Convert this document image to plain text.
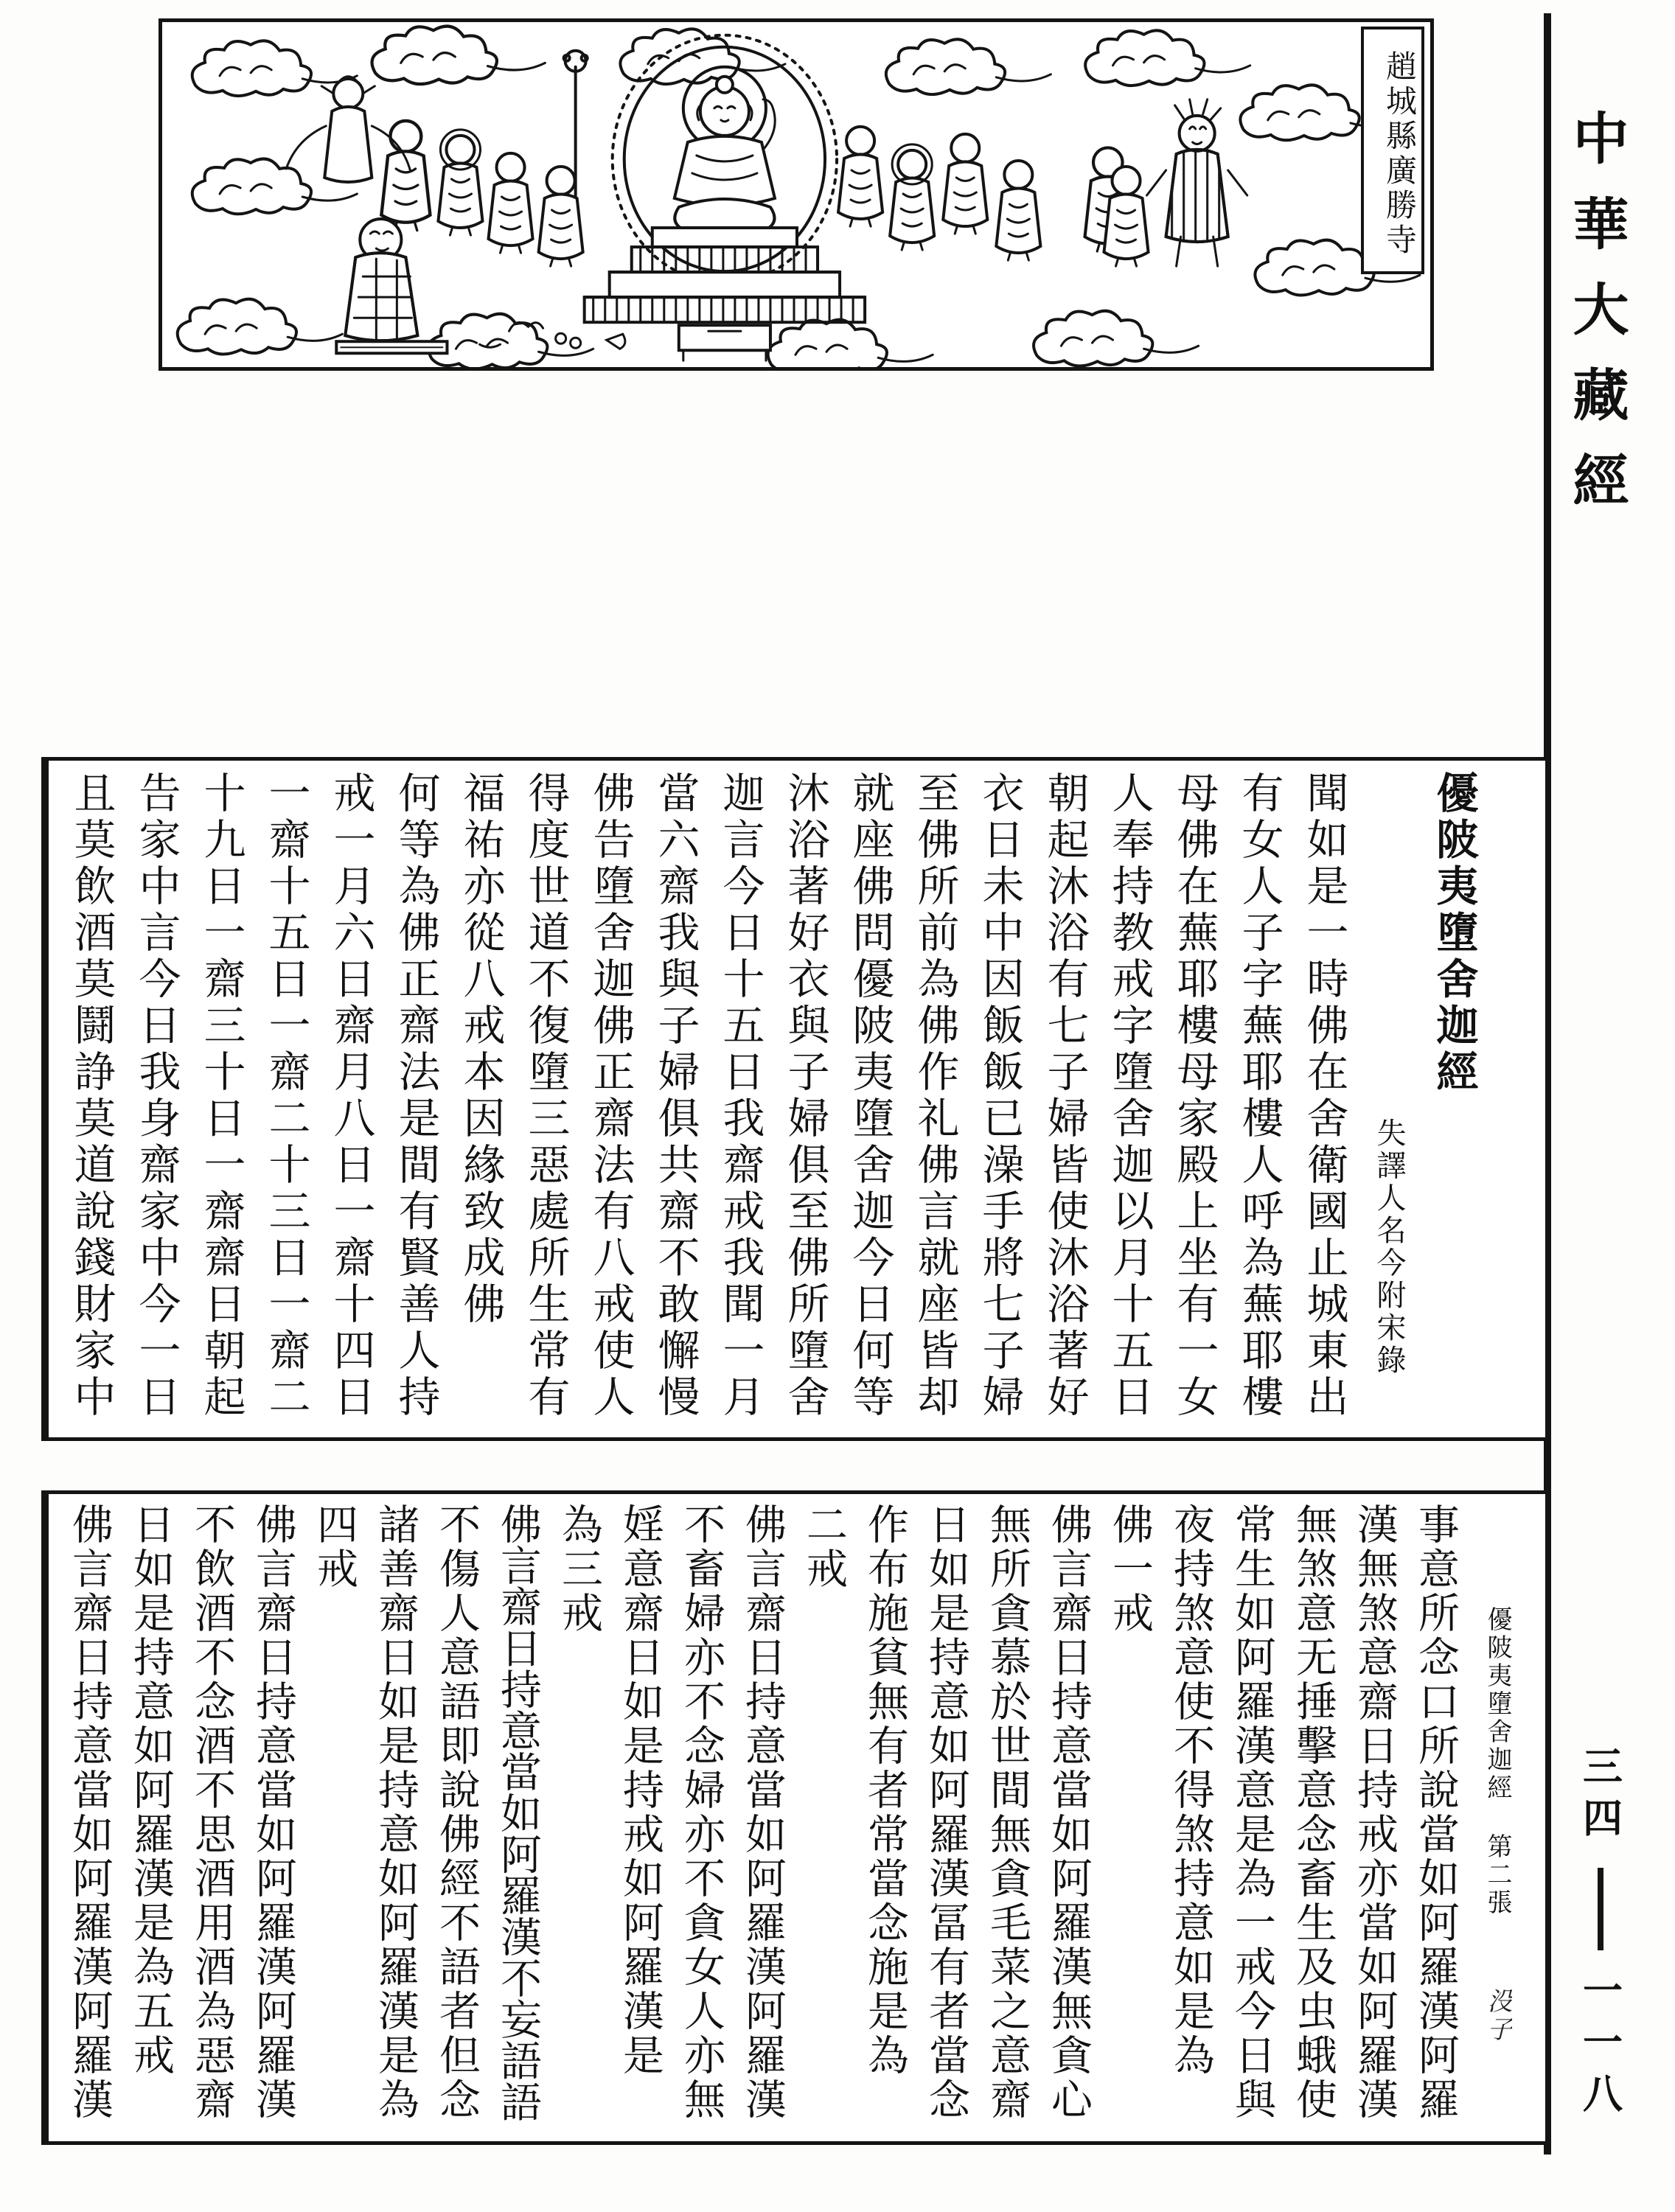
中華大藏經
三四
一一八
趙城縣廣勝寺
優陂夷墮舍迦經
失譯人名今附宋錄
聞如是一時佛在舍衛國止城東出
有女人子字蕪耶樓人呼為蕪耶樓
母佛在蕪耶樓母家殿上坐有一女
人奉持教戒字墮舍迦以月十五日
朝起沐浴有七子婦皆使沐浴著好
衣日未中因飯飯已澡手將七子婦
至佛所前為佛作礼佛言就座皆却
就座佛問優陂夷墮舍迦今日何等
沐浴著好衣與子婦俱至佛所墮舍
迦言今日十五日我齋戒我聞一月
當六齋我與子婦俱共齋不敢懈慢
佛告墮舍迦佛正齋法有八戒使人
得度世道不復墮三惡處所生常有
福祐亦從八戒本因緣致成佛
何等為佛正齋法是間有賢善人持
戒一月六日齋月八日一齋十四日
一齋十五日一齋二十三日一齋二
十九日一齋三十日一齋齋日朝起
告家中言今日我身齋家中今一日
且莫飲酒莫鬪諍莫道說錢財家中
優陂夷墮舍迦經第二張没子
事意所念口所說當如阿羅漢阿羅
漢無煞意齋日持戒亦當如阿羅漢
無煞意无捶擊意念畜生及虫蛾使
常生如阿羅漢意是為一戒今日與
夜持煞意使不得煞持意如是為
佛一戒
佛言齋日持意當如阿羅漢無貪心
無所貪慕於世間無貪毛菜之意齋
日如是持意如阿羅漢冨有者當念
作布施貧無有者常當念施是為
二戒
佛言齋日持意當如阿羅漢阿羅漢
不畜婦亦不念婦亦不貪女人亦無
婬意齋日如是持戒如阿羅漢是
為三戒
佛言齋日持意當如阿羅漢不妄語語
不傷人意語即說佛經不語者但念
諸善齋日如是持意如阿羅漢是為
四戒
佛言齋日持意當如阿羅漢阿羅漢
不飲酒不念酒不思酒用酒為惡齋
日如是持意如阿羅漢是為五戒
佛言齋日持意當如阿羅漢阿羅漢
